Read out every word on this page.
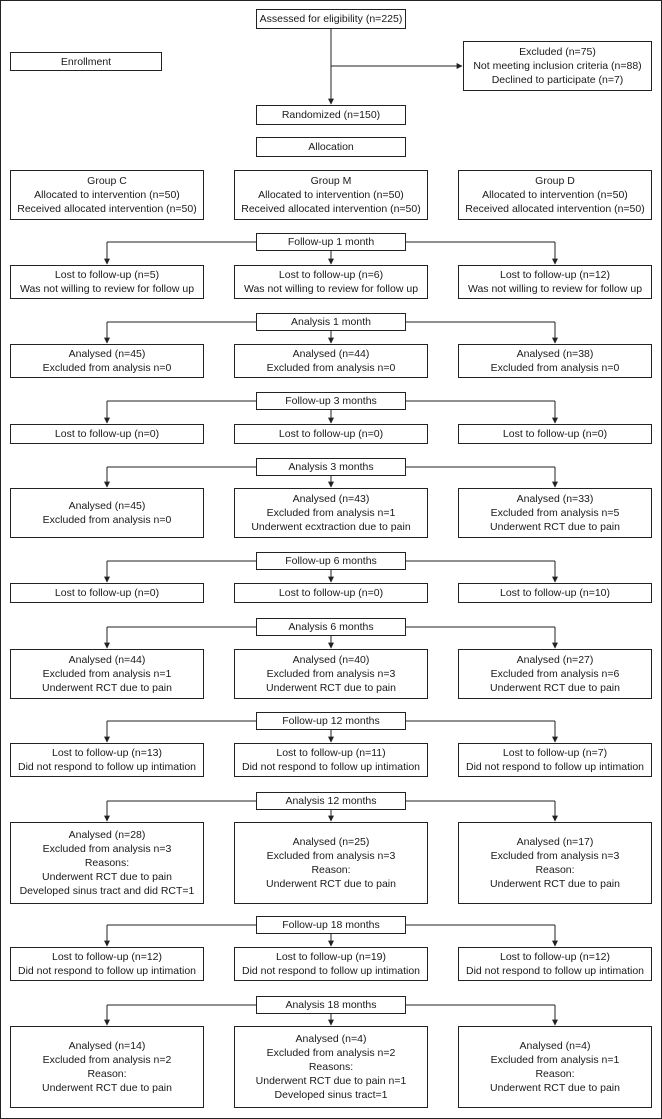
Assessed for eligibility (n=225)
Enrollment
Excluded (n=75)
Not meeting inclusion criteria (n=88)
Declined to participate (n=7)
Randomized (n=150)
Allocation
Group C
Allocated to intervention (n=50)
Received allocated intervention (n=50)
Group M
Allocated to intervention (n=50)
Received allocated intervention (n=50)
Group D
Allocated to intervention (n=50)
Received allocated intervention (n=50)
Follow-up 1 month
Lost to follow-up (n=5)
Was not willing to review for follow up
Lost to follow-up (n=6)
Was not willing to review for follow up
Lost to follow-up (n=12)
Was not willing to review for follow up
Analysis 1 month
Analysed (n=45)
Excluded from analysis n=0
Analysed (n=44)
Excluded from analysis n=0
Analysed (n=38)
Excluded from analysis n=0
Follow-up 3 months
Lost to follow-up (n=0)	Lost to follow-up (n=0)	Lost to follow-up (n=0)
Analysis 3 months
Analysed (n=45)
Excluded from analysis n=0
Analysed (n=43)
Excluded from analysis n=1
Underwent ecxtraction due to pain
Analysed (n=33)
Excluded from analysis n=5
Underwent RCT due to pain
Follow-up 6 months
Lost to follow-up (n=0)	Lost to follow-up (n=0)	Lost to follow-up (n=10)
Analysis 6 months
Analysed (n=44)
Excluded from analysis n=1
Underwent RCT due to pain
Analysed (n=40)
Excluded from analysis n=3
Underwent RCT due to pain
Analysed (n=27)
Excluded from analysis n=6
Underwent RCT due to pain
Follow-up 12 months
Lost to follow-up (n=13)
Did not respond to follow up intimation
Lost to follow-up (n=11)
Did not respond to follow up intimation
Lost to follow-up (n=7)
Did not respond to follow up intimation
Analysis 12 months
Analysed (n=28)
Excluded from analysis n=3
Reasons:
Underwent RCT due to pain
Developed sinus tract and did RCT=1
Analysed (n=25)
Excluded from analysis n=3
Reason:
Underwent RCT due to pain
Analysed (n=17)
Excluded from analysis n=3
Reason:
Underwent RCT due to pain
Follow-up 18 months
Lost to follow-up (n=12)
Did not respond to follow up intimation
Lost to follow-up (n=19)
Did not respond to follow up intimation
Lost to follow-up (n=12)
Did not respond to follow up intimation
Analysis 18 months
Analysed (n=14)
Excluded from analysis n=2
Reason:
Underwent RCT due to pain
Analysed (n=4)
Excluded from analysis n=2
Reasons:
Underwent RCT due to pain n=1
Developed sinus tract=1
Analysed (n=4)
Excluded from analysis n=1
Reason:
Underwent RCT due to pain
